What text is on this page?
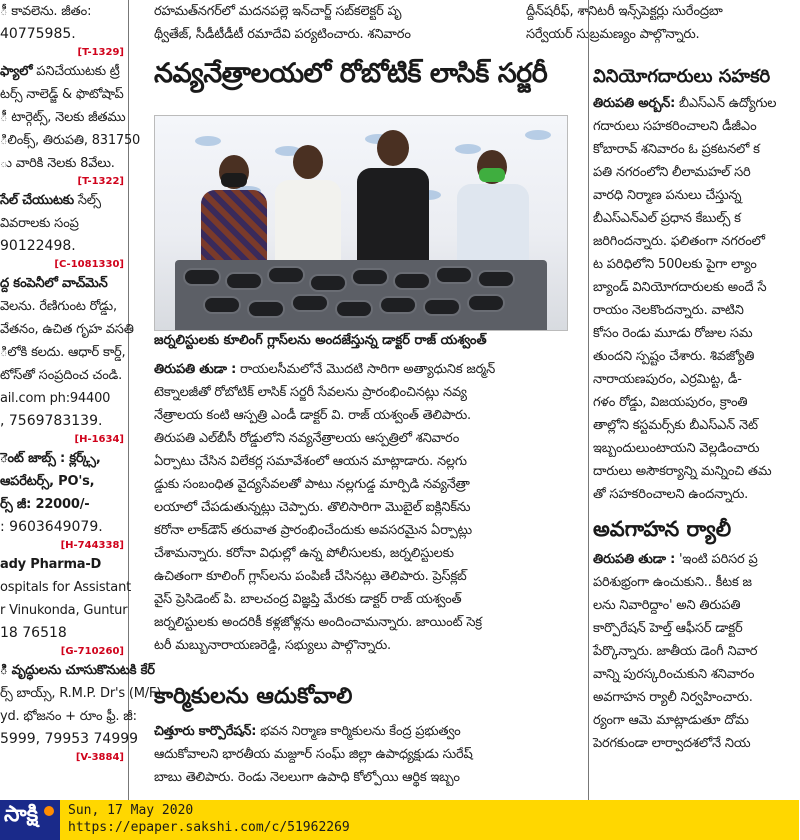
ీ కావలెను. జీతం:
40775985.
[T-1329]
ఫ్యాలో పనిచేయుటకు ట్రీ
టర్స్ నాలెడ్జ్ & ఫొటోషాప్
ీ టార్గెట్స్, నెలకు జీతము
ిలింక్స్, తిరుపతి, 831750
ు వారికి నెలకు 8వేలు.
[T-1322]
సేల్ చేయుటకు సేల్స్
వివరాలకు సంప్ర
90122498.
[C-1081330]
ద్ద కంపెనీలో వాచ్‌మెన్
వెలను. రేణిగుంట రోడ్డు,
వేతనం, ఉచిత గృహ వసతి
ిలోకి కలదు. ఆధార్ కార్డ్,
టోస్‌తో సంప్రదించ చండి.
ail.com ph:94400
, 7569783139.
[H-1634]
ెంట్ జాబ్స్ : క్లర్క్స్,
ఆపరేటర్స్, PO's,
ర్స్ జీ: 22000/-
: 9603649079.
[H-744338]
ady Pharma-D
ospitals for Assistant
r Vinukonda, Guntur
18 76518
[G-710260]
ి వృద్ధులను చూసుకొనుటకి కేర్
ర్స్ బాయ్స్, R.M.P. Dr's (M/F)
yd. భోజనం + రూం ఫ్రీ. జీ:
5999, 79953 74999
[V-3884]
రహమత్‌నగర్‌లో మదనపల్లె ఇన్‌చార్జ్ సబ్‌కలెక్టర్ పృ
థ్వీతేజ్, సీడీటీడీటీ రమాదేవి పర్యటించారు. శనివారం
ద్దీన్‌షరీఫ్, శానిటరీ ఇన్స్‌పెక్టర్లు సురేంద్రబా
సర్వేయర్ సుబ్రమణ్యం పాల్గొన్నారు.
నవ్యనేత్రాలయలో రోబోటిక్ లాసిక్ సర్జరీ
జర్నలిస్టులకు కూలింగ్ గ్లాస్‌లను అందజేస్తున్న డాక్టర్ రాజ్ యశ్వంత్
తిరుపతి తుడా : రాయలసీమలోనే మొదటి సారిగా అత్యాధునిక జర్మన్
టెక్నాలజీతో రోబోటిక్ లాసిక్ సర్జరీ సేవలను ప్రారంభించినట్లు నవ్య
నేత్రాలయ కంటి ఆస్పత్రి ఎండీ డాక్టర్ వి. రాజ్ యశ్వంత్ తెలిపారు.
తిరుపతి ఎల్‌బీసీ రోడ్డులోని నవ్యనేత్రాలయ ఆస్పత్రిలో శనివారం
ఏర్పాటు చేసిన విలేకర్ల సమావేశంలో ఆయన మాట్లాడారు. నల్లగు
డ్డుకు సంబంధిత వైద్యసేవలతో పాటు నల్లగుడ్డ మార్పిడి నవ్యనేత్రా
లయాలో చేపడుతున్నట్లు చెప్పారు. తొలిసారిగా మొబైల్ ఐక్లినిక్‌ను
కరోనా లాక్‌డౌన్ తరువాత ప్రారంభించేందుకు అవసరమైన ఏర్పాట్లు
చేశామన్నారు. కరోనా విధుల్లో ఉన్న పోలీసులకు, జర్నలిస్టులకు
ఉచితంగా కూలింగ్ గ్లాస్‌లను పంపిణీ చేసినట్లు తెలిపారు. ప్రెస్‌క్లబ్
వైస్ ప్రెసిడెంట్ పి. బాలచంద్ర విజ్ఞప్తి మేరకు డాక్టర్ రాజ్ యశ్వంత్
జర్నలిస్టులకు అందరికీ కళ్లజోళ్లను అందించామన్నారు. జాయింట్ సెక్ర
టరీ మబ్బునారాయణరెడ్డి, సభ్యులు పాల్గొన్నారు.
కార్మికులను ఆదుకోవాలి
చిత్తూరు కార్పొరేషన్: భవన నిర్మాణ కార్మికులను కేంద్ర ప్రభుత్వం
ఆదుకోవాలని భారతీయ మజ్దూర్ సంఘ్ జిల్లా ఉపాధ్యక్షుడు సురేష్
బాబు తెలిపారు. రెండు నెలలుగా ఉపాధి కోల్పోయి ఆర్థిక ఇబ్బం
వినియోగదారులు సహకరి
తిరుపతి అర్బన్: బీఎస్‌ఎన్ ఉద్యోగుల
గదారులు సహకరించాలని డీజీఎం
కోబారావ్ శనివారం ఓ ప్రకటనలో క
పతి నగరంలోని లీలామహల్ సరి
వారధి నిర్మాణ పనులు చేస్తున్న
బీఎస్‌ఎన్ఎల్ ప్రధాన కేబుల్స్ క
జరిగిందన్నారు. ఫలితంగా నగరంలో
ట పరిధిలోని 500లకు పైగా ల్యాం
బ్యాండ్ వినియోగదారులకు అందే సే
రాయం నెలకొందన్నారు. వాటిని
కోసం రెండు మూడు రోజుల సమ
తుందని స్పష్టం చేశారు. శివజ్యోతి
నారాయణపురం, ఎర్రమిట్ట, డీ-
గళం రోడ్డు, విజయపురం, క్రాంతి
తాల్లోని కస్టమర్స్‌కు బీఎస్‌ఎన్ నెట్
ఇబ్బందులుంటాయని వెల్లడించారు
దారులు అసౌకర్యాన్ని మన్నించి తమ
తో సహకరించాలని ఉందన్నారు.
అవగాహన ర్యాలీ
తిరుపతి తుడా : 'ఇంటి పరిసర ప్ర
పరిశుభ్రంగా ఉంచుకుని.. కీటక జ
లను నివారిద్దాం' అని తిరుపతి
కార్పొరేషన్ హెల్త్ ఆఫీసర్ డాక్టర్
పేర్కొన్నారు. జాతీయ డెంగీ నివార
వాన్ని పురస్కరించుకుని శనివారం
అవగాహన ర్యాలీ నిర్వహించారు.
ర్యంగా ఆమె మాట్లాడుతూ దోమ
పెరగకుండా లార్వాదశలోనే నియ
సాక్షి Sun, 17 May 2020
https://epaper.sakshi.com/c/51962269
